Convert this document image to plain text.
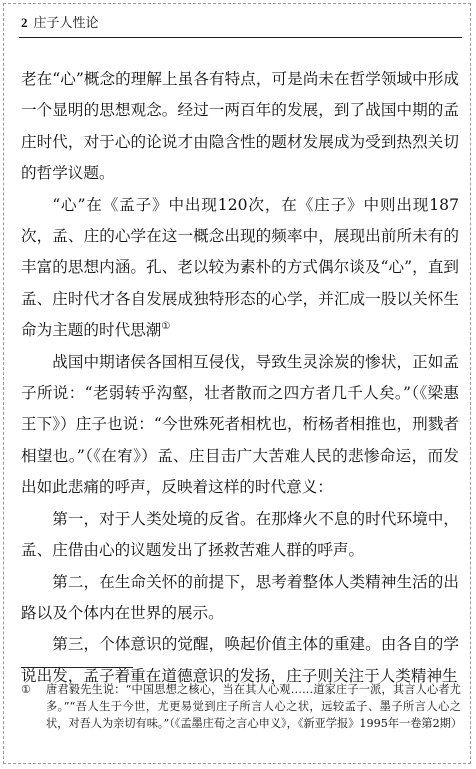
2 庄子人性论

老在“心”概念的理解上虽各有特点，可是尚未在哲学领域中形成一个显明的思想观念。经过一两百年的发展，到了战国中期的孟庄时代，对于心的论说才由隐含性的题材发展成为受到热烈关切的哲学议题。

“心”在《孟子》中出现120次，在《庄子》中则出现187次，孟、庄的心学在这一概念出现的频率中，展现出前所未有的丰富的思想内涵。孔、老以较为素朴的方式偶尔谈及“心”，直到孟、庄时代才各自发展成独特形态的心学，并汇成一股以关怀生命为主题的时代思潮①

战国中期诸侯各国相互侵伐，导致生灵涂炭的惨状，正如孟子所说：“老弱转乎沟壑，壮者散而之四方者几千人矣。”（《梁惠王下》）庄子也说：“今世殊死者相枕也，桁杨者相推也，刑戮者相望也。”（《在宥》）孟、庄目击广大苦难人民的悲惨命运，而发出如此悲痛的呼声，反映着这样的时代意义：

第一，对于人类处境的反省。在那烽火不息的时代环境中，孟、庄借由心的议题发出了拯救苦难人群的呼声。

第二，在生命关怀的前提下，思考着整体人类精神生活的出路以及个体内在世界的展示。

第三，个体意识的觉醒，唤起价值主体的重建。由各自的学说出发，孟子着重在道德意识的发扬，庄子则关注于人类精神生

① 唐君毅先生说：“中国思想之核心，当在其人心观……道家庄子一派，其言人心者尤多。”“吾人生于今世，尤更易觉到庄子所言人心之状，远较孟子、墨子所言人心之状，对吾人为亲切有味。”（《孟墨庄荀之言心申义》，《新亚学报》1995年一卷第2期）
